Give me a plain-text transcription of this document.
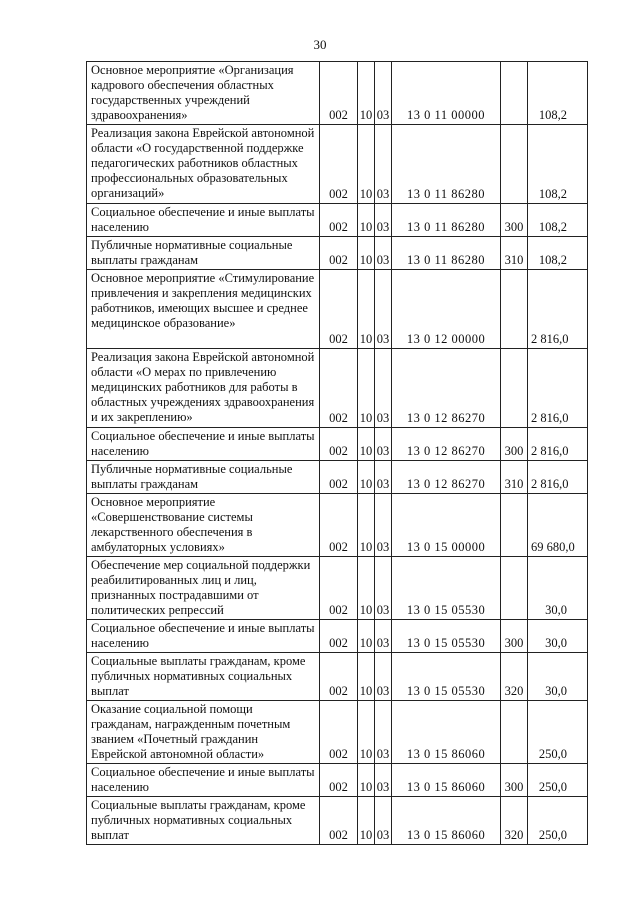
30
Основное мероприятие «Организация кадрового обеспечения областных государственных учреждений здравоохранения»	002	10	03	13 0 11 00000		108,2
Реализация закона Еврейской автономной области «О государственной поддержке педагогических работников областных профессиональных образовательных организаций»	002	10	03	13 0 11 86280		108,2
Социальное обеспечение и иные выплаты населению	002	10	03	13 0 11 86280	300	108,2
Публичные нормативные социальные выплаты гражданам	002	10	03	13 0 11 86280	310	108,2
Основное мероприятие «Стимулирование привлечения и закрепления медицинских работников, имеющих высшее и среднее медицинское образование»	002	10	03	13 0 12 00000		2 816,0
Реализация закона Еврейской автономной области «О мерах по привлечению медицинских работников для работы в областных учреждениях здравоохранения и их закреплению»	002	10	03	13 0 12 86270		2 816,0
Социальное обеспечение и иные выплаты населению	002	10	03	13 0 12 86270	300	2 816,0
Публичные нормативные социальные выплаты гражданам	002	10	03	13 0 12 86270	310	2 816,0
Основное мероприятие «Совершенствование системы лекарственного обеспечения в амбулаторных условиях»	002	10	03	13 0 15 00000		69 680,0
Обеспечение мер социальной поддержки реабилитированных лиц и лиц, признанных пострадавшими от политических репрессий	002	10	03	13 0 15 05530		30,0
Социальное обеспечение и иные выплаты населению	002	10	03	13 0 15 05530	300	30,0
Социальные выплаты гражданам, кроме публичных нормативных социальных выплат	002	10	03	13 0 15 05530	320	30,0
Оказание социальной помощи гражданам, награжденным почетным званием «Почетный гражданин Еврейской автономной области»	002	10	03	13 0 15 86060		250,0
Социальное обеспечение и иные выплаты населению	002	10	03	13 0 15 86060	300	250,0
Социальные выплаты гражданам, кроме публичных нормативных социальных выплат	002	10	03	13 0 15 86060	320	250,0
